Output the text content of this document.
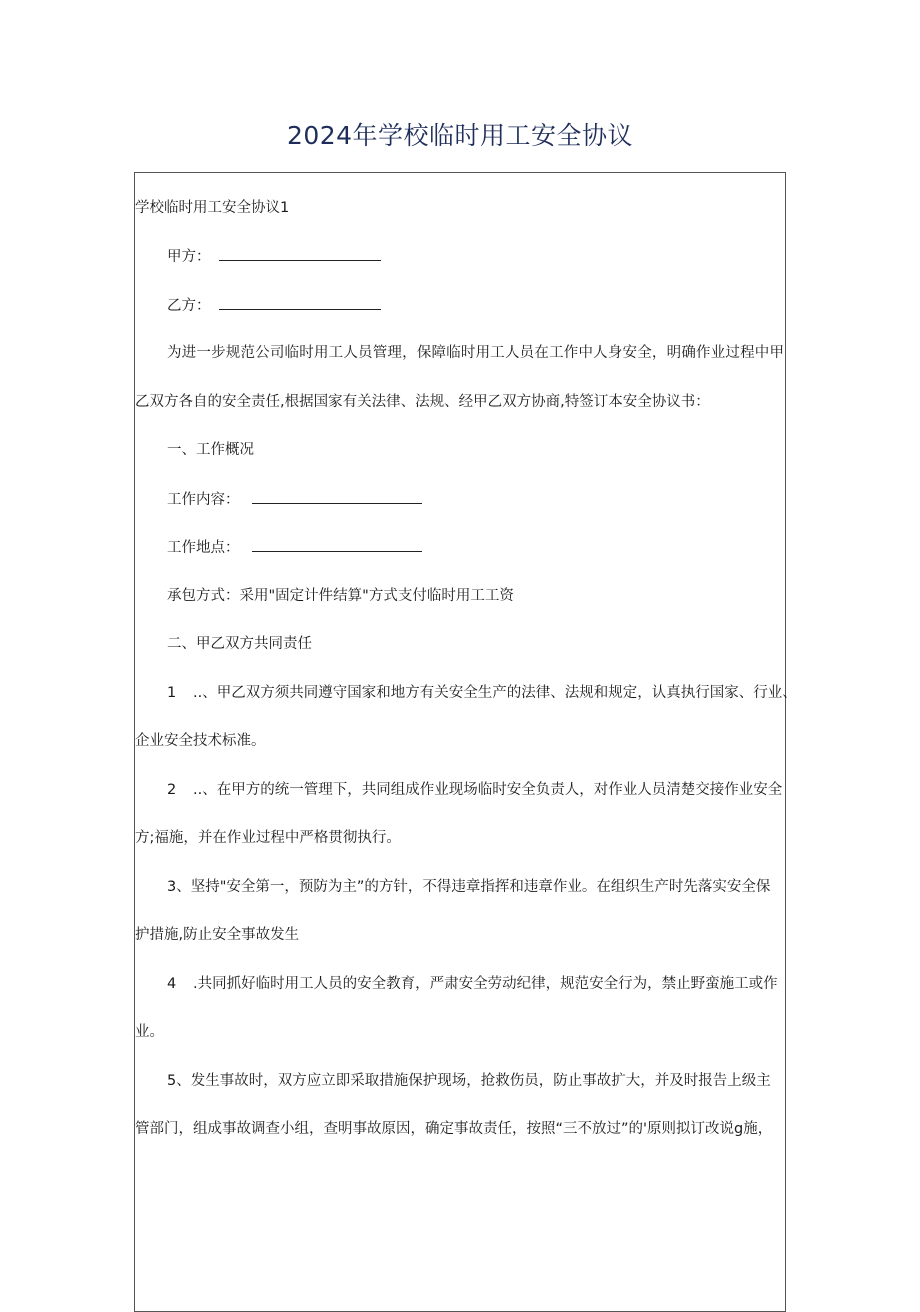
2024年学校临时用工安全协议
学校临时用工安全协议1
甲方：
乙方：
为进一步规范公司临时用工人员管理，保障临时用工人员在工作中人身安全，明确作业过程中甲
乙双方各自的安全责任,根据国家有关法律、法规、经甲乙双方协商,特签订本安全协议书：
一、工作概况
工作内容：
工作地点：
承包方式：采用"固定计件结算"方式支付临时用工工资
二、甲乙双方共同责任
1 ..、甲乙双方须共同遵守国家和地方有关安全生产的法律、法规和规定，认真执行国家、行业、
企业安全技术标准。
2 ..、在甲方的统一管理下，共同组成作业现场临时安全负责人，对作业人员清楚交接作业安全
方;福施，并在作业过程中严格贯彻执行。
3、坚持"安全第一，预防为主”的方针，不得违章指挥和违章作业。在组织生产时先落实安全保
护措施,防止安全事故发生
4 .共同抓好临时用工人员的安全教育，严肃安全劳动纪律，规范安全行为，禁止野蛮施工或作
业。
5、发生事故时，双方应立即采取措施保护现场，抢救伤员，防止事故扩大，并及时报告上级主
管部门，组成事故调查小组，查明事故原因，确定事故责任，按照“三不放过”的'原则拟订改说g施，
